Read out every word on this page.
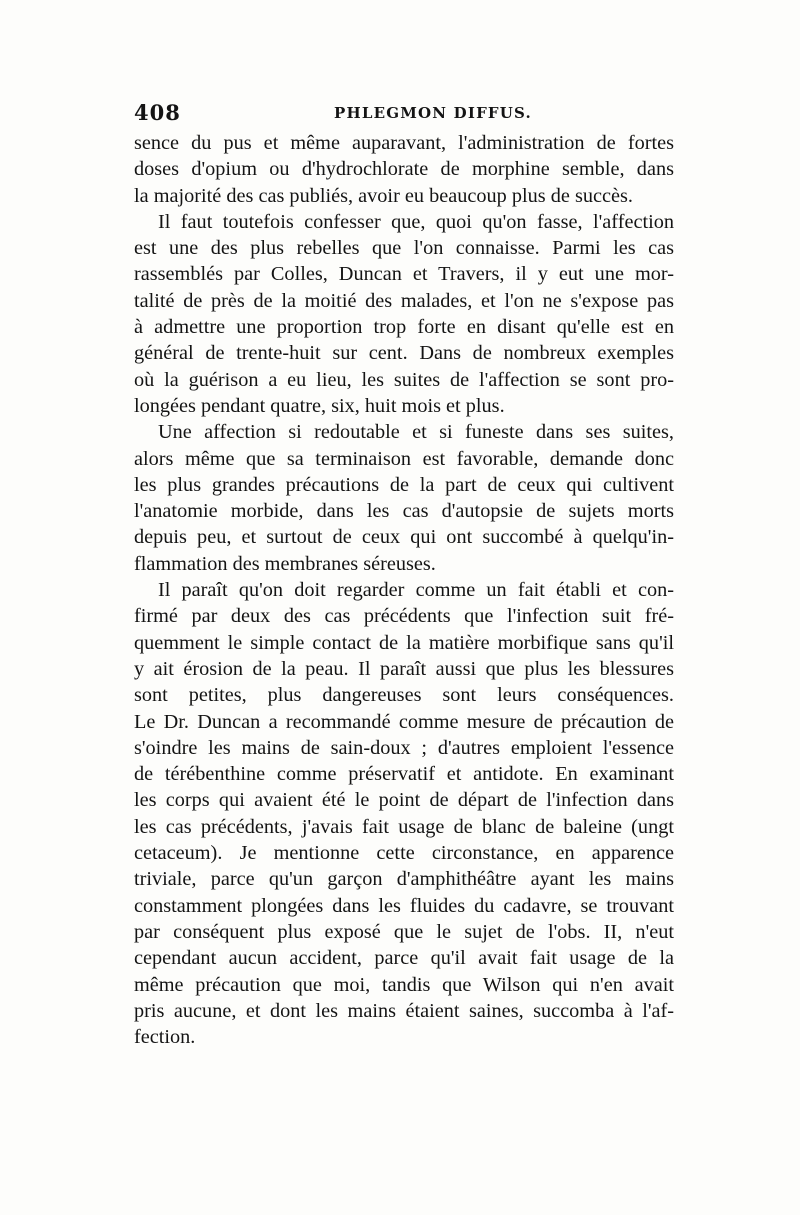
408	PHLEGMON DIFFUS.
sence du pus et même auparavant, l'administration de fortes
doses d'opium ou d'hydrochlorate de morphine semble, dans
la majorité des cas publiés, avoir eu beaucoup plus de succès.
Il faut toutefois confesser que, quoi qu'on fasse, l'affection
est une des plus rebelles que l'on connaisse. Parmi les cas
rassemblés par Colles, Duncan et Travers, il y eut une mor-
talité de près de la moitié des malades, et l'on ne s'expose pas
à admettre une proportion trop forte en disant qu'elle est en
général de trente-huit sur cent. Dans de nombreux exemples
où la guérison a eu lieu, les suites de l'affection se sont pro-
longées pendant quatre, six, huit mois et plus.
Une affection si redoutable et si funeste dans ses suites,
alors même que sa terminaison est favorable, demande donc
les plus grandes précautions de la part de ceux qui cultivent
l'anatomie morbide, dans les cas d'autopsie de sujets morts
depuis peu, et surtout de ceux qui ont succombé à quelqu'in-
flammation des membranes séreuses.
Il paraît qu'on doit regarder comme un fait établi et con-
firmé par deux des cas précédents que l'infection suit fré-
quemment le simple contact de la matière morbifique sans qu'il
y ait érosion de la peau. Il paraît aussi que plus les blessures
sont petites, plus dangereuses sont leurs conséquences.
Le Dr. Duncan a recommandé comme mesure de précaution de
s'oindre les mains de sain-doux ; d'autres emploient l'essence
de térébenthine comme préservatif et antidote. En examinant
les corps qui avaient été le point de départ de l'infection dans
les cas précédents, j'avais fait usage de blanc de baleine (ungt
cetaceum). Je mentionne cette circonstance, en apparence
triviale, parce qu'un garçon d'amphithéâtre ayant les mains
constamment plongées dans les fluides du cadavre, se trouvant
par conséquent plus exposé que le sujet de l'obs. II, n'eut
cependant aucun accident, parce qu'il avait fait usage de la
même précaution que moi, tandis que Wilson qui n'en avait
pris aucune, et dont les mains étaient saines, succomba à l'af-
fection.
